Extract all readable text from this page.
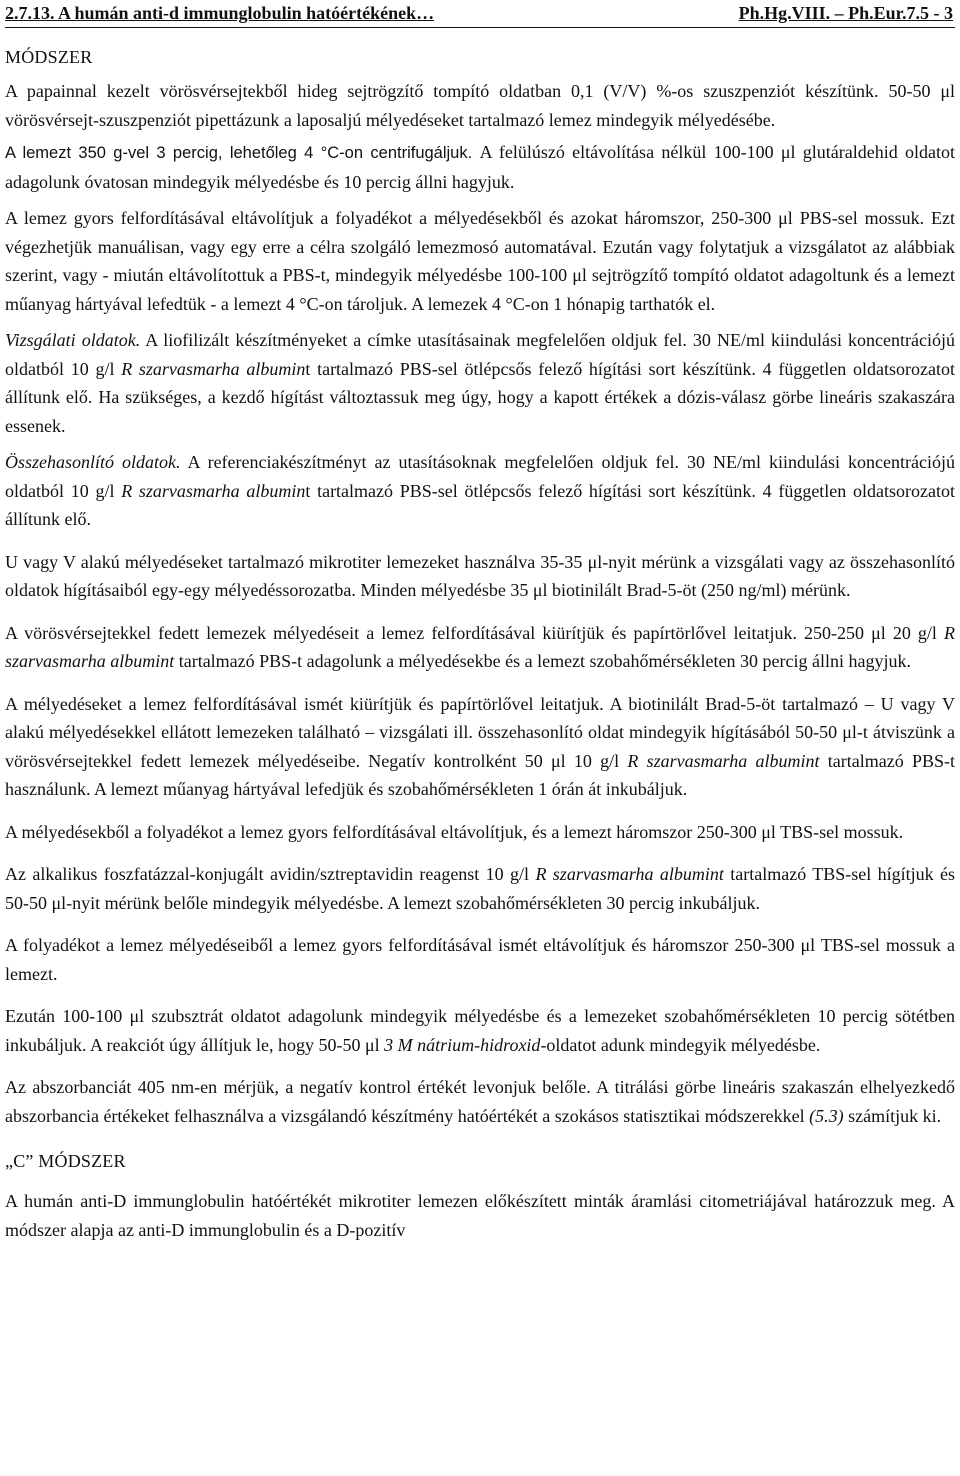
2.7.13. A humán anti-d immunglobulin hatóértékének…	Ph.Hg.VIII. – Ph.Eur.7.5 - 3
MÓDSZER

A papainnal kezelt vörösvérsejtekből hideg sejtrögzítő tompító oldatban 0,1 (V/V) %-os szuszpenziót készítünk. 50-50 μl vörösvérsejt-szuszpenziót pipettázunk a laposaljú mélyedéseket tartalmazó lemez mindegyik mélyedésébe.

A lemezt 350 g-vel 3 percig, lehetőleg 4 °C-on centrifugáljuk. A felülúszó eltávolítása nélkül 100-100 μl glutáraldehid oldatot adagolunk óvatosan mindegyik mélyedésbe és 10 percig állni hagyjuk.

A lemez gyors felfordításával eltávolítjuk a folyadékot a mélyedésekből és azokat háromszor, 250-300 μl PBS-sel mossuk. Ezt végezhetjük manuálisan, vagy egy erre a célra szolgáló lemezmosó automatával. Ezután vagy folytatjuk a vizsgálatot az alábbiak szerint, vagy - miután eltávolítottuk a PBS-t, mindegyik mélyedésbe 100-100 μl sejtrögzítő tompító oldatot adagoltunk és a lemezt műanyag hártyával lefedtük - a lemezt 4 °C-on tároljuk. A lemezek 4 °C-on 1 hónapig tarthatók el.

Vizsgálati oldatok. A liofilizált készítményeket a címke utasításainak megfelelően oldjuk fel. 30 NE/ml kiindulási koncentrációjú oldatból 10 g/l R szarvasmarha albumint tartalmazó PBS-sel ötlépcsős felező hígítási sort készítünk. 4 független oldatsorozatot állítunk elő. Ha szükséges, a kezdő hígítást változtassuk meg úgy, hogy a kapott értékek a dózis-válasz görbe lineáris szakaszára essenek.

Összehasonlító oldatok. A referenciakészítményt az utasításoknak megfelelően oldjuk fel. 30 NE/ml kiindulási koncentrációjú oldatból 10 g/l R szarvasmarha albumint tartalmazó PBS-sel ötlépcsős felező hígítási sort készítünk. 4 független oldatsorozatot állítunk elő.

U vagy V alakú mélyedéseket tartalmazó mikrotiter lemezeket használva 35-35 μl-nyit mérünk a vizsgálati vagy az összehasonlító oldatok hígításaiból egy-egy mélyedéssorozatba. Minden mélyedésbe 35 μl biotinilált Brad-5-öt (250 ng/ml) mérünk.

A vörösvérsejtekkel fedett lemezek mélyedéseit a lemez felfordításával kiürítjük és papírtörlővel leitatjuk. 250-250 μl 20 g/l R szarvasmarha albumint tartalmazó PBS-t adagolunk a mélyedésekbe és a lemezt szobahőmérsékleten 30 percig állni hagyjuk.

A mélyedéseket a lemez felfordításával ismét kiürítjük és papírtörlővel leitatjuk. A biotinilált Brad-5-öt tartalmazó – U vagy V alakú mélyedésekkel ellátott lemezeken található – vizsgálati ill. összehasonlító oldat mindegyik hígításából 50-50 μl-t átviszünk a vörösvérsejtekkel fedett lemezek mélyedéseibe. Negatív kontrolként 50 μl 10 g/l R szarvasmarha albumint tartalmazó PBS-t használunk. A lemezt műanyag hártyával lefedjük és szobahőmérsékleten 1 órán át inkubáljuk.

A mélyedésekből a folyadékot a lemez gyors felfordításával eltávolítjuk, és a lemezt háromszor 250-300 μl TBS-sel mossuk.

Az alkalikus foszfatázzal-konjugált avidin/sztreptavidin reagenst 10 g/l R szarvasmarha albumint tartalmazó TBS-sel hígítjuk és 50-50 μl-nyit mérünk belőle mindegyik mélyedésbe. A lemezt szobahőmérsékleten 30 percig inkubáljuk.

A folyadékot a lemez mélyedéseiből a lemez gyors felfordításával ismét eltávolítjuk és háromszor 250-300 μl TBS-sel mossuk a lemezt.

Ezután 100-100 μl szubsztrát oldatot adagolunk mindegyik mélyedésbe és a lemezeket szobahőmérsékleten 10 percig sötétben inkubáljuk. A reakciót úgy állítjuk le, hogy 50-50 μl 3 M nátrium-hidroxid-oldatot adunk mindegyik mélyedésbe.

Az abszorbanciát 405 nm-en mérjük, a negatív kontrol értékét levonjuk belőle. A titrálási görbe lineáris szakaszán elhelyezkedő abszorbancia értékeket felhasználva a vizsgálandó készítmény hatóértékét a szokásos statisztikai módszerekkel (5.3) számítjuk ki.

„C” MÓDSZER

A humán anti-D immunglobulin hatóértékét mikrotiter lemezen előkészített minták áramlási citometriájával határozzuk meg. A módszer alapja az anti-D immunglobulin és a D-pozitív
